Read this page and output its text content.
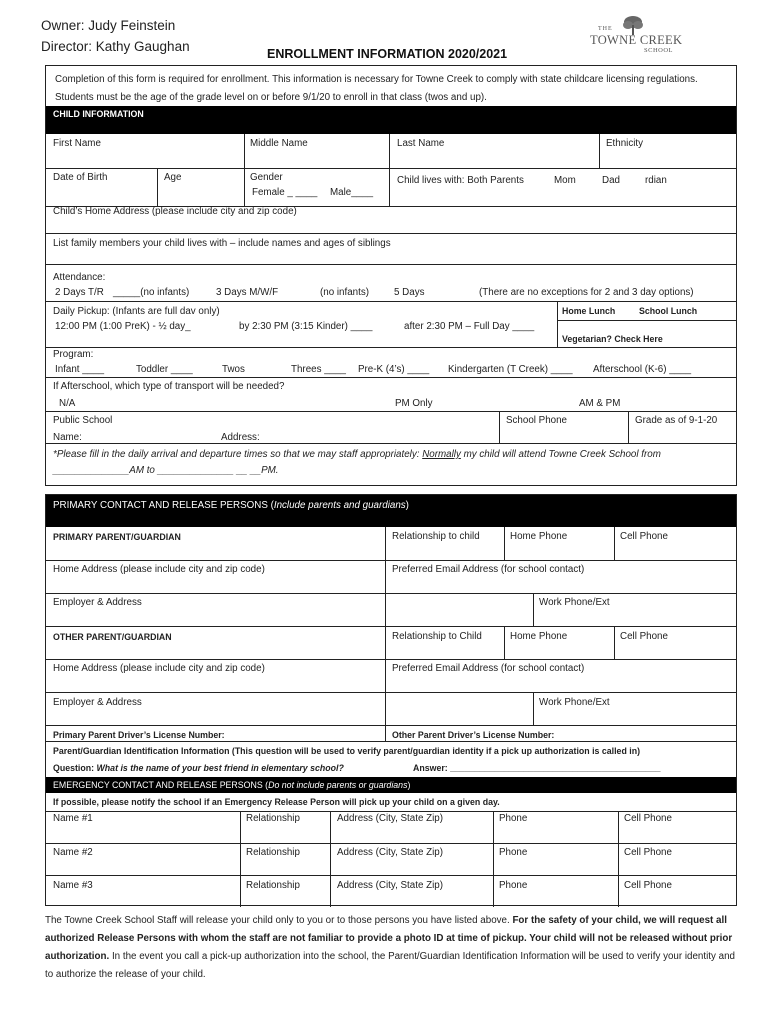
Owner: Judy Feinstein
Director: Kathy Gaughan	ENROLLMENT INFORMATION 2020/2021
THE
TOWNE CREEK
SCHOOL
Completion of this form is required for enrollment. This information is necessary for Towne Creek to comply with state childcare licensing regulations. Students must be the age of the grade level on or before 9/1/20 to enroll in that class (twos and up).
CHILD INFORMATION
First Name	Middle Name	Last Name	Ethnicity
Date of Birth	Age	Gender
Female _ ____ Male____
Child lives with: Both Parents	Mom	Dad	rdian
Child’s Home Address (please include city and zip code)
List family members your child lives with – include names and ages of siblings
Attendance:
2 Days T/R _____(no infants)	3 Days M/W/F	(no infants)	5 Days	(There are no exceptions for 2 and 3 day options)
Daily Pickup: (Infants are full dav only)
12:00 PM (1:00 PreK) - ½ day_	by 2:30 PM (3:15 Kinder) ____	after 2:30 PM – Full Day ____
Home Lunch	School Lunch
Vegetarian? Check Here
Program:
Infant ____	Toddler ____	Twos	Threes ____ Pre-K (4’s) ____ Kindergarten (T Creek) ____ Afterschool (K-6) ____
If Afterschool, which type of transport will be needed?
N/A	PM Only	AM & PM
Public School
Name:	Address:
School Phone	Grade as of 9-1-20
*Please fill in the daily arrival and departure times so that we may staff appropriately: Normally my child will attend Towne Creek School from
______________AM to ______________ __ __PM.
PRIMARY CONTACT AND RELEASE PERSONS (Include parents and guardians)
PRIMARY PARENT/GUARDIAN	Relationship to child	Home Phone	Cell Phone
Home Address (please include city and zip code)	Preferred Email Address (for school contact)
Employer & Address	Work Phone/Ext
OTHER PARENT/GUARDIAN	Relationship to Child	Home Phone	Cell Phone
Home Address (please include city and zip code)	Preferred Email Address (for school contact)
Employer & Address	Work Phone/Ext
Primary Parent Driver’s License Number:	Other Parent Driver’s License Number:
Parent/Guardian Identification Information (This question will be used to verify parent/guardian identity if a pick up authorization is called in)
Question: What is the name of your best friend in elementary school?	Answer: ___________________________________________
EMERGENCY CONTACT AND RELEASE PERSONS (Do not include parents or guardians)
If possible, please notify the school if an Emergency Release Person will pick up your child on a given day.
Name #1	Relationship	Address (City, State Zip)	Phone	Cell Phone
Name #2	Relationship	Address (City, State Zip)	Phone	Cell Phone
Name #3	Relationship	Address (City, State Zip)	Phone	Cell Phone
The Towne Creek School Staff will release your child only to you or to those persons you have listed above. For the safety of your child, we will request all authorized Release Persons with whom the staff are not familiar to provide a photo ID at time of pickup. Your child will not be released without prior authorization. In the event you call a pick-up authorization into the school, the Parent/Guardian Identification Information will be used to verify your identity and to authorize the release of your child.
